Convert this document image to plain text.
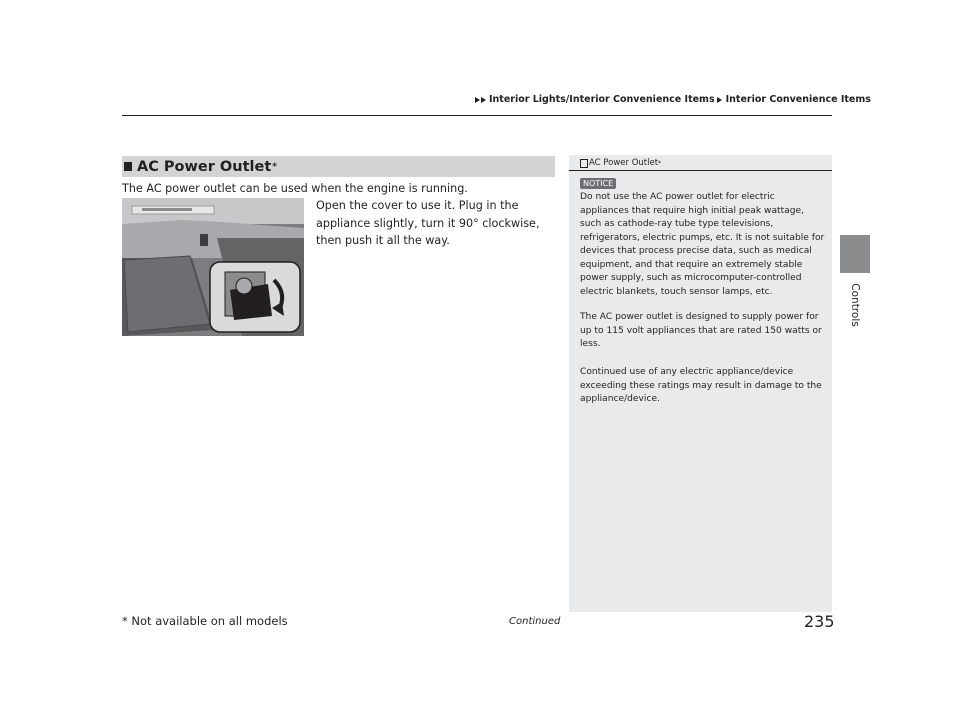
Interior Lights/Interior Convenience Items Interior Convenience Items
Controls
AC Power Outlet *
The AC power outlet can be used when the engine is running.
Open the cover to use it. Plug in the appliance slightly, turn it 90° clockwise, then push it all the way.
AC Power Outlet *
NOTICE
Do not use the AC power outlet for electric appliances that require high initial peak wattage, such as cathode-ray tube type televisions, refrigerators, electric pumps, etc. It is not suitable for devices that process precise data, such as medical equipment, and that require an extremely stable power supply, such as microcomputer-controlled electric blankets, touch sensor lamps, etc.
The AC power outlet is designed to supply power for up to 115 volt appliances that are rated 150 watts or less.
Continued use of any electric appliance/device exceeding these ratings may result in damage to the appliance/device.
* Not available on all models	Continued	235
